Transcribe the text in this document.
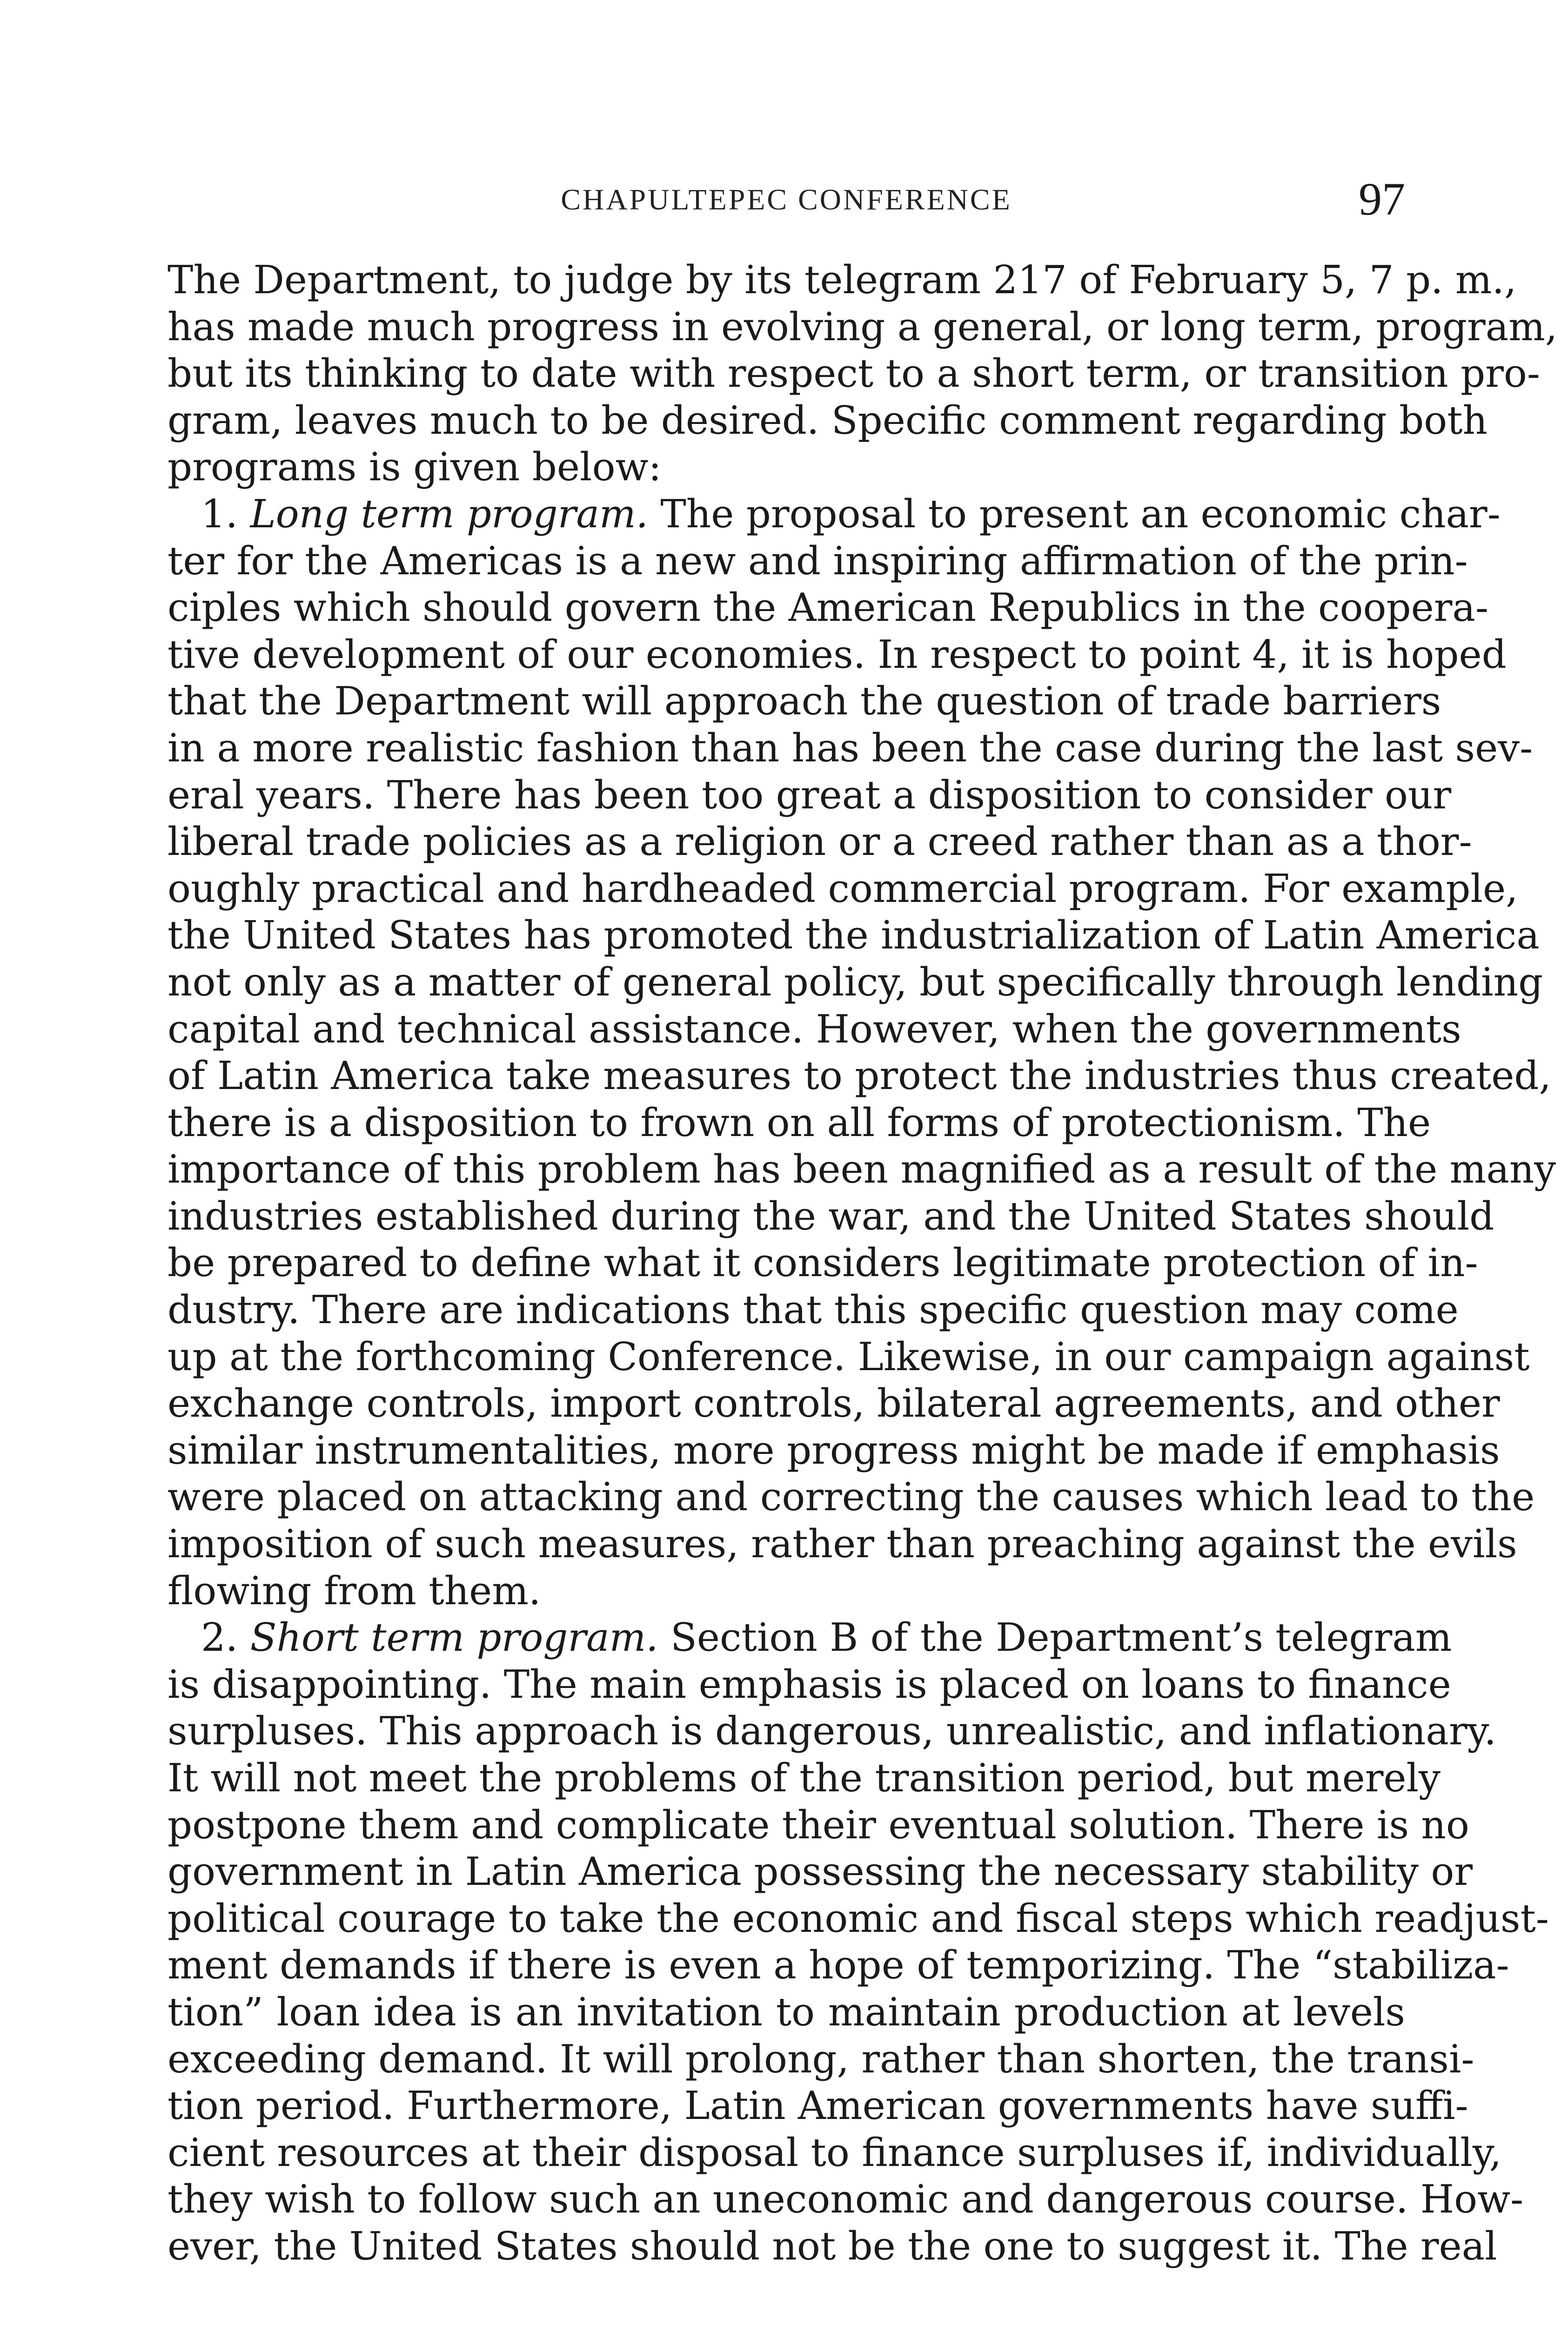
CHAPULTEPEC CONFERENCE	97
The Department, to judge by its telegram 217 of February 5, 7 p. m.,
has made much progress in evolving a general, or long term, program,
but its thinking to date with respect to a short term, or transition pro-
gram, leaves much to be desired. Specific comment regarding both
programs is given below:
1. Long term program. The proposal to present an economic char-
ter for the Americas is a new and inspiring affirmation of the prin-
ciples which should govern the American Republics in the coopera-
tive development of our economies. In respect to point 4, it is hoped
that the Department will approach the question of trade barriers
in a more realistic fashion than has been the case during the last sev-
eral years. There has been too great a disposition to consider our
liberal trade policies as a religion or a creed rather than as a thor-
oughly practical and hardheaded commercial program. For example,
the United States has promoted the industrialization of Latin America
not only as a matter of general policy, but specifically through lending
capital and technical assistance. However, when the governments
of Latin America take measures to protect the industries thus created,
there is a disposition to frown on all forms of protectionism. The
importance of this problem has been magnified as a result of the many
industries established during the war, and the United States should
be prepared to define what it considers legitimate protection of in-
dustry. There are indications that this specific question may come
up at the forthcoming Conference. Likewise, in our campaign against
exchange controls, import controls, bilateral agreements, and other
similar instrumentalities, more progress might be made if emphasis
were placed on attacking and correcting the causes which lead to the
imposition of such measures, rather than preaching against the evils
flowing from them.
2. Short term program. Section B of the Department’s telegram
is disappointing. The main emphasis is placed on loans to finance
surpluses. This approach is dangerous, unrealistic, and inflationary.
It will not meet the problems of the transition period, but merely
postpone them and complicate their eventual solution. There is no
government in Latin America possessing the necessary stability or
political courage to take the economic and fiscal steps which readjust-
ment demands if there is even a hope of temporizing. The “stabiliza-
tion” loan idea is an invitation to maintain production at levels
exceeding demand. It will prolong, rather than shorten, the transi-
tion period. Furthermore, Latin American governments have suffi-
cient resources at their disposal to finance surpluses if, individually,
they wish to follow such an uneconomic and dangerous course. How-
ever, the United States should not be the one to suggest it. The real
